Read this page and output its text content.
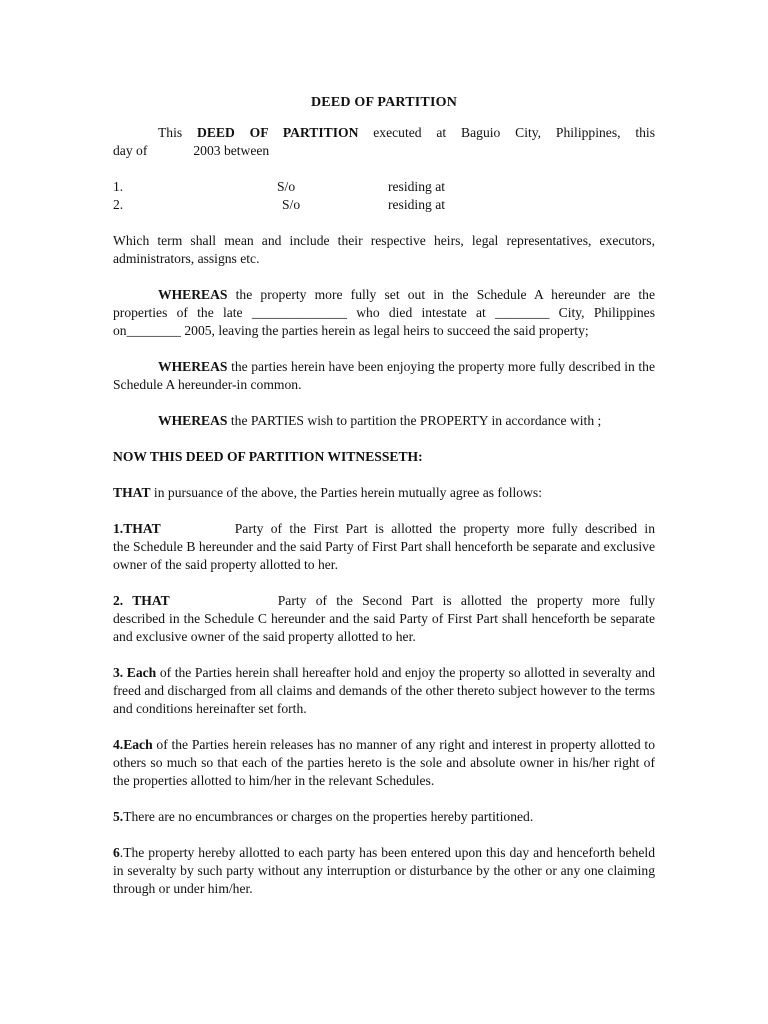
DEED OF PARTITION

This DEED OF PARTITION executed at Baguio City, Philippines, this

day of	2003 between

1.	S/o	residing at
2.	S/o	residing at

Which term shall mean and include their respective heirs, legal representatives, executors, administrators, assigns etc.

WHEREAS the property more fully set out in the Schedule A hereunder are the

properties of the late ______________ who died intestate at ________ City, Philippines

on________ 2005, leaving the parties herein as legal heirs to succeed the said property;

WHEREAS the parties herein have been enjoying the property more fully described in the Schedule A hereunder-in common.

WHEREAS the PARTIES wish to partition the PROPERTY in accordance with ;

NOW THIS DEED OF PARTITION WITNESSETH:

THAT in pursuance of the above, the Parties herein mutually agree as follows:

1.THAT	Party of the First Part is allotted the property more fully described in

the Schedule B hereunder and the said Party of First Part shall henceforth be separate and exclusive owner of the said property allotted to her.

2. THAT	Party of the Second Part is allotted the property more fully

described in the Schedule C hereunder and the said Party of First Part shall henceforth be separate and exclusive owner of the said property allotted to her.

3. Each of the Parties herein shall hereafter hold and enjoy the property so allotted in severalty and freed and discharged from all claims and demands of the other thereto subject however to the terms and conditions hereinafter set forth.

4.Each of the Parties herein releases has no manner of any right and interest in property allotted to others so much so that each of the parties hereto is the sole and absolute owner in his/her right of the properties allotted to him/her in the relevant Schedules.

5.There are no encumbrances or charges on the properties hereby partitioned.

6.The property hereby allotted to each party has been entered upon this day and henceforth beheld in severalty by such party without any interruption or disturbance by the other or any one claiming through or under him/her.
